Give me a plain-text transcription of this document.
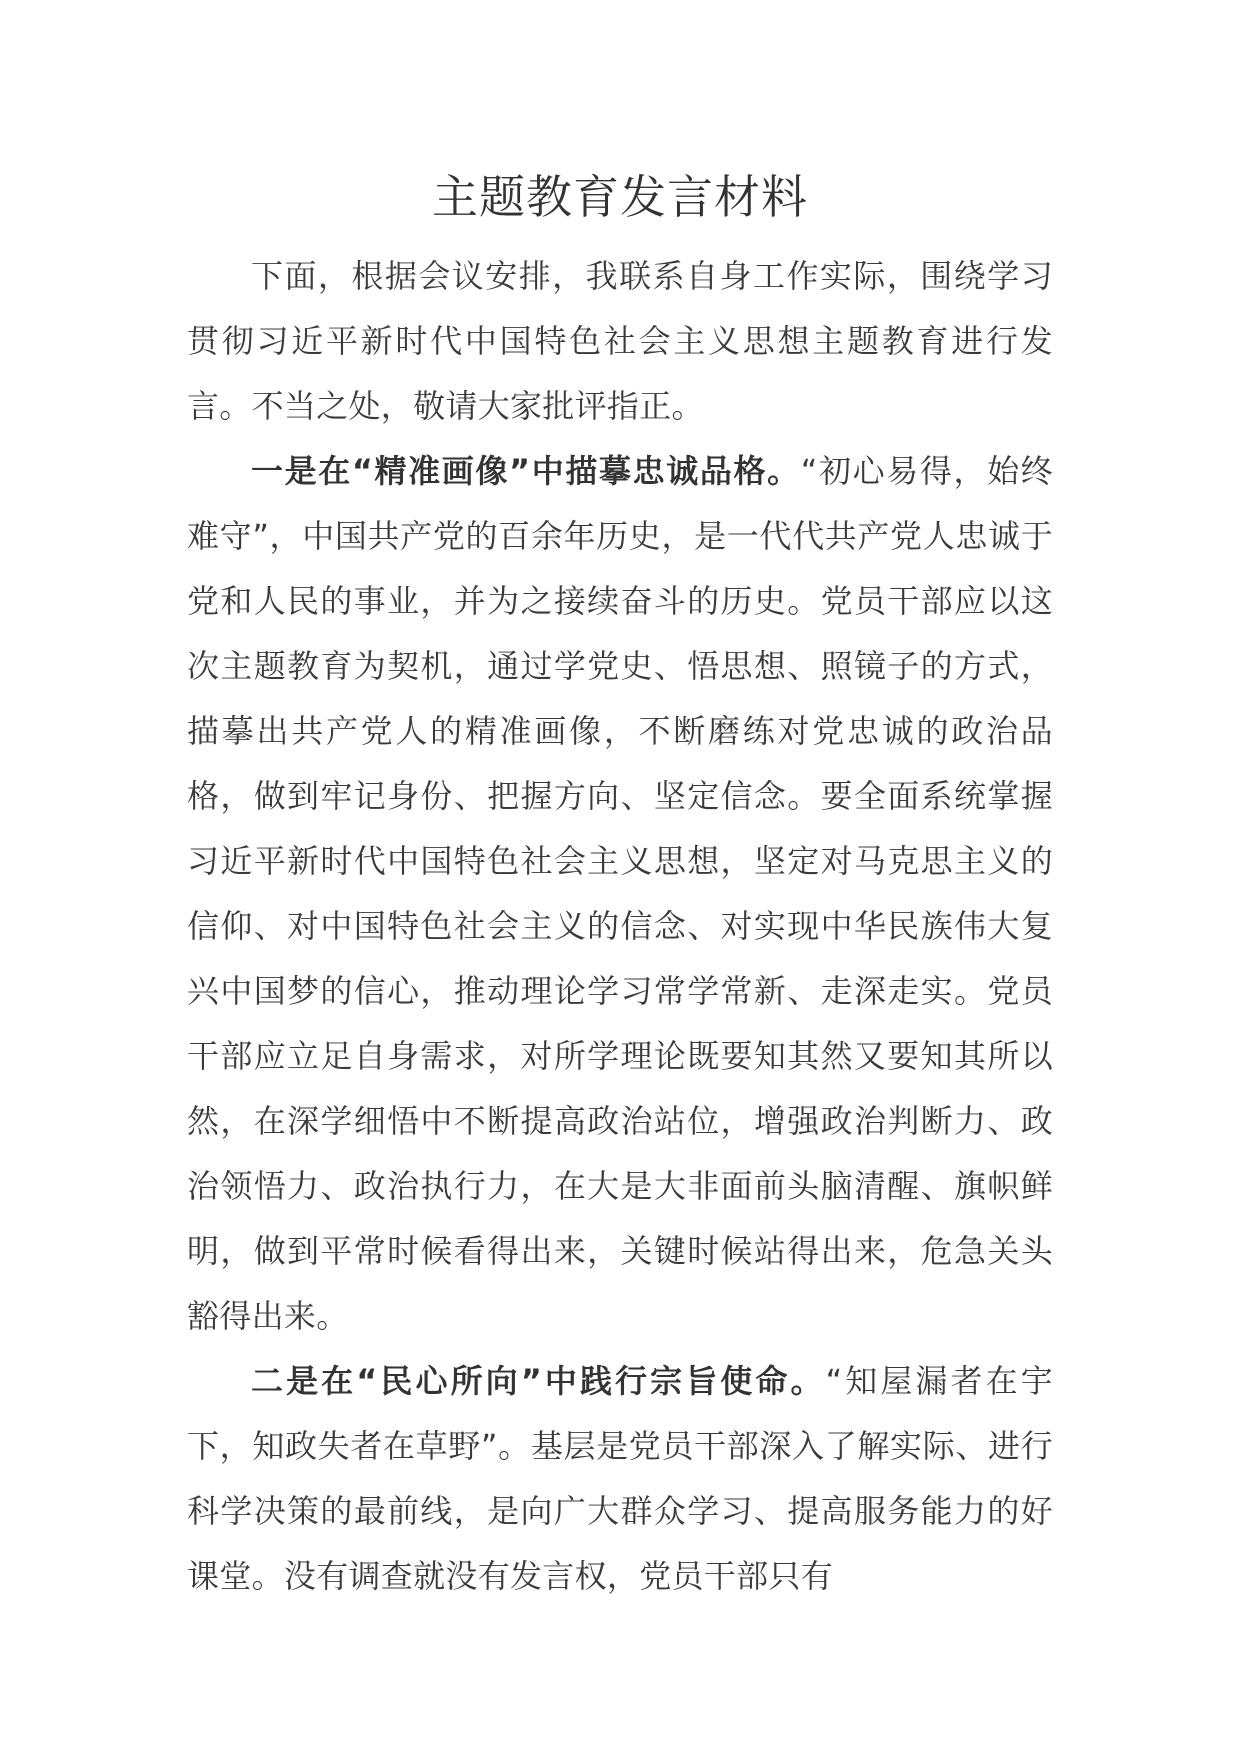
主题教育发言材料

下面，根据会议安排，我联系自身工作实际，围绕学习贯彻习近平新时代中国特色社会主义思想主题教育进行发言。不当之处，敬请大家批评指正。

一是在“精准画像”中描摹忠诚品格。“初心易得，始终难守”，中国共产党的百余年历史，是一代代共产党人忠诚于党和人民的事业，并为之接续奋斗的历史。党员干部应以这次主题教育为契机，通过学党史、悟思想、照镜子的方式，描摹出共产党人的精准画像，不断磨练对党忠诚的政治品格，做到牢记身份、把握方向、坚定信念。要全面系统掌握习近平新时代中国特色社会主义思想，坚定对马克思主义的信仰、对中国特色社会主义的信念、对实现中华民族伟大复兴中国梦的信心，推动理论学习常学常新、走深走实。党员干部应立足自身需求，对所学理论既要知其然又要知其所以然，在深学细悟中不断提高政治站位，增强政治判断力、政治领悟力、政治执行力，在大是大非面前头脑清醒、旗帜鲜明，做到平常时候看得出来，关键时候站得出来，危急关头豁得出来。

二是在“民心所向”中践行宗旨使命。“知屋漏者在宇下，知政失者在草野”。基层是党员干部深入了解实际、进行科学决策的最前线，是向广大群众学习、提高服务能力的好课堂。没有调查就没有发言权，党员干部只有
